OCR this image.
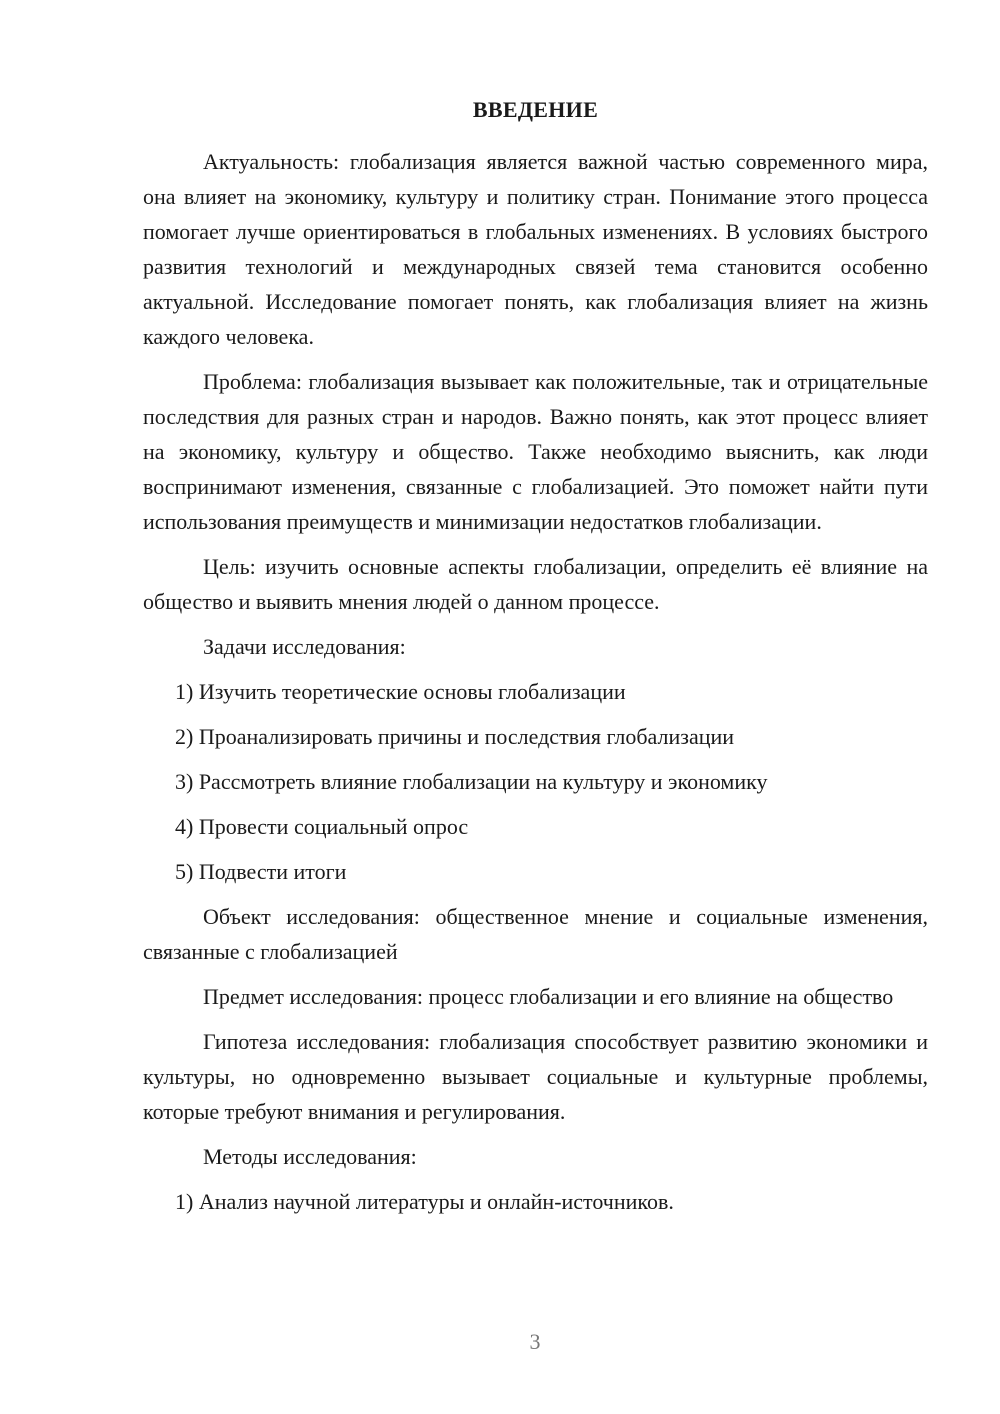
ВВЕДЕНИЕ

Актуальность: глобализация является важной частью современного мира, она влияет на экономику, культуру и политику стран. Понимание этого процесса помогает лучше ориентироваться в глобальных изменениях. В условиях быстрого развития технологий и международных связей тема становится особенно актуальной. Исследование помогает понять, как глобализация влияет на жизнь каждого человека.

Проблема: глобализация вызывает как положительные, так и отрицательные последствия для разных стран и народов. Важно понять, как этот процесс влияет на экономику, культуру и общество. Также необходимо выяснить, как люди воспринимают изменения, связанные с глобализацией. Это поможет найти пути использования преимуществ и минимизации недостатков глобализации.

Цель: изучить основные аспекты глобализации, определить её влияние на общество и выявить мнения людей о данном процессе.

Задачи исследования:

1) Изучить теоретические основы глобализации
2) Проанализировать причины и последствия глобализации
3) Рассмотреть влияние глобализации на культуру и экономику
4) Провести социальный опрос
5) Подвести итоги

Объект исследования: общественное мнение и социальные изменения, связанные с глобализацией

Предмет исследования: процесс глобализации и его влияние на общество

Гипотеза исследования: глобализация способствует развитию экономики и культуры, но одновременно вызывает социальные и культурные проблемы, которые требуют внимания и регулирования.

Методы исследования:

1) Анализ научной литературы и онлайн-источников.
3
